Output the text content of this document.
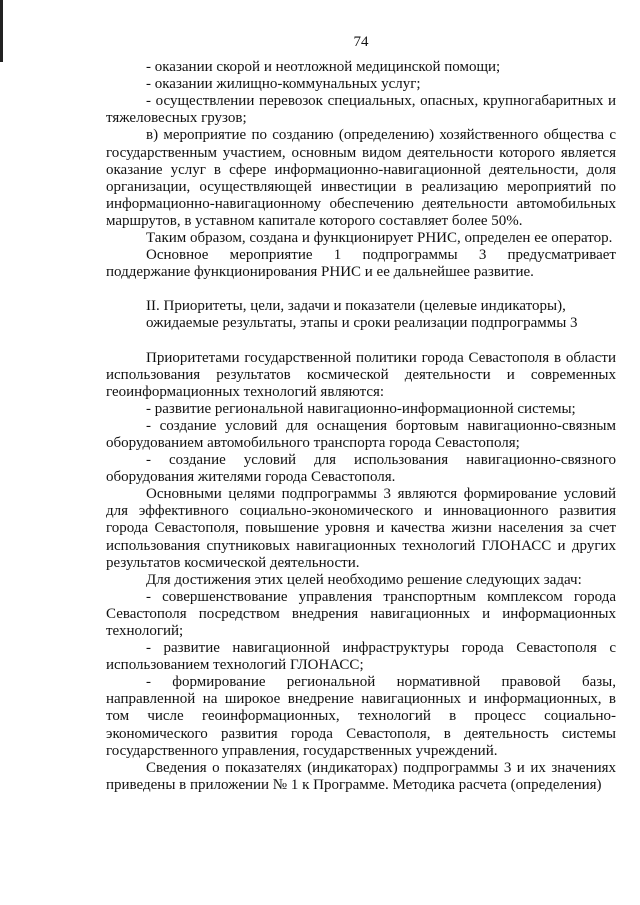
74

- оказании скорой и неотложной медицинской помощи;

- оказании жилищно-коммунальных услуг;

- осуществлении перевозок специальных, опасных, крупногабаритных и тяжеловесных грузов;

в) мероприятие по созданию (определению) хозяйственного общества с государственным участием, основным видом деятельности которого является оказание услуг в сфере информационно-навигационной деятельности, доля организации, осуществляющей инвестиции в реализацию мероприятий по информационно-навигационному обеспечению деятельности автомобильных маршрутов, в уставном капитале которого составляет более 50%.

Таким образом, создана и функционирует РНИС, определен ее оператор.

Основное мероприятие 1 подпрограммы 3 предусматривает поддержание функционирования РНИС и ее дальнейшее развитие.

II. Приоритеты, цели, задачи и показатели (целевые индикаторы), ожидаемые результаты, этапы и сроки реализации подпрограммы 3

Приоритетами государственной политики города Севастополя в области использования результатов космической деятельности и современных геоинформационных технологий являются:

- развитие региональной навигационно-информационной системы;

- создание условий для оснащения бортовым навигационно-связным оборудованием автомобильного транспорта города Севастополя;

- создание условий для использования навигационно-связного оборудования жителями города Севастополя.

Основными целями подпрограммы 3 являются формирование условий для эффективного социально-экономического и инновационного развития города Севастополя, повышение уровня и качества жизни населения за счет использования спутниковых навигационных технологий ГЛОНАСС и других результатов космической деятельности.

Для достижения этих целей необходимо решение следующих задач:

- совершенствование управления транспортным комплексом города Севастополя посредством внедрения навигационных и информационных технологий;

- развитие навигационной инфраструктуры города Севастополя с использованием технологий ГЛОНАСС;

- формирование региональной нормативной правовой базы, направленной на широкое внедрение навигационных и информационных, в том числе геоинформационных, технологий в процесс социально-экономического развития города Севастополя, в деятельность системы государственного управления, государственных учреждений.

Сведения о показателях (индикаторах) подпрограммы 3 и их значениях приведены в приложении № 1 к Программе. Методика расчета (определения)
